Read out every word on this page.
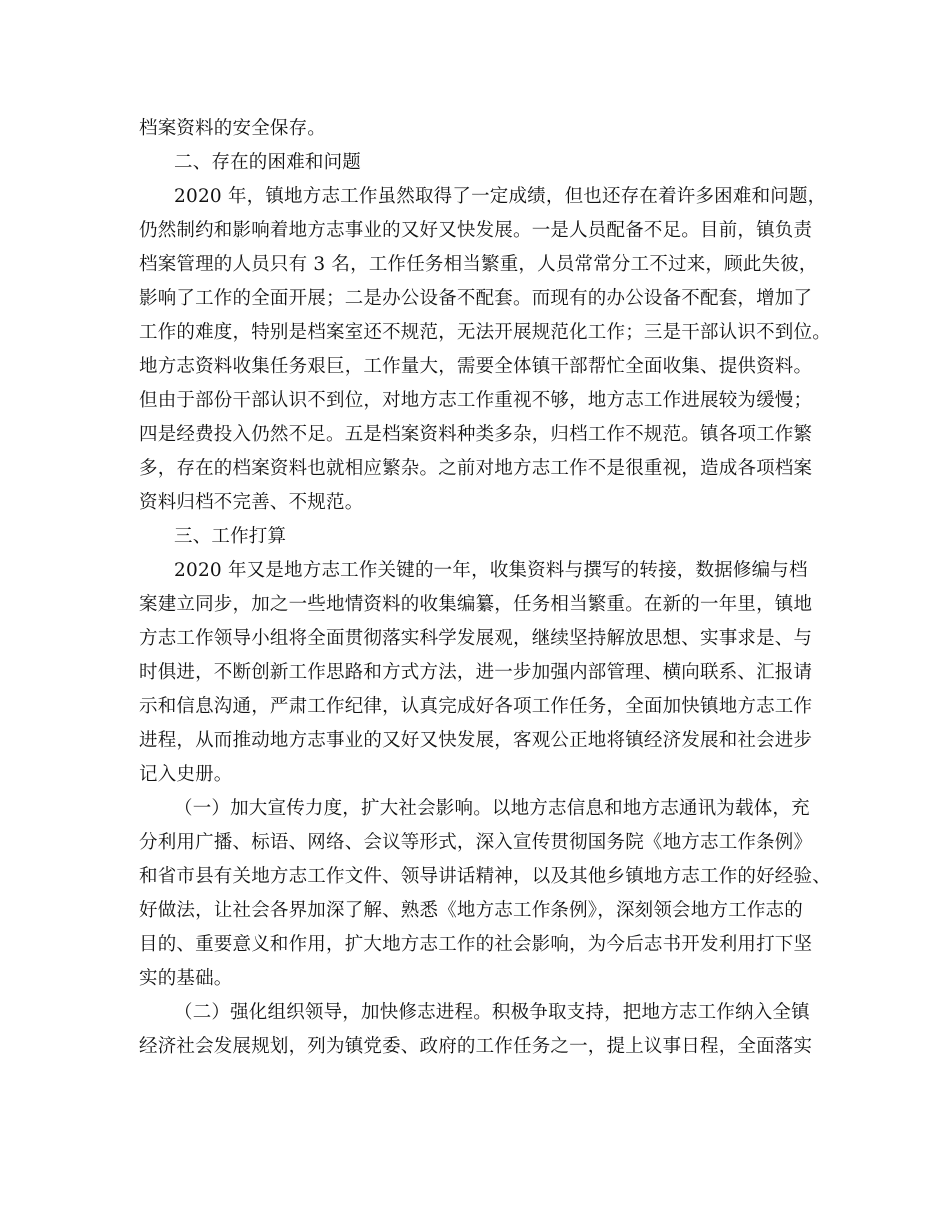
档案资料的安全保存。
二、存在的困难和问题
2020 年，镇地方志工作虽然取得了一定成绩，但也还存在着许多困难和问题，
仍然制约和影响着地方志事业的又好又快发展。一是人员配备不足。目前，镇负责
档案管理的人员只有 3 名，工作任务相当繁重，人员常常分工不过来，顾此失彼，
影响了工作的全面开展；二是办公设备不配套。而现有的办公设备不配套，增加了
工作的难度，特别是档案室还不规范，无法开展规范化工作；三是干部认识不到位。
地方志资料收集任务艰巨，工作量大，需要全体镇干部帮忙全面收集、提供资料。
但由于部份干部认识不到位，对地方志工作重视不够，地方志工作进展较为缓慢；
四是经费投入仍然不足。五是档案资料种类多杂，归档工作不规范。镇各项工作繁
多，存在的档案资料也就相应繁杂。之前对地方志工作不是很重视，造成各项档案
资料归档不完善、不规范。
三、工作打算
2020 年又是地方志工作关键的一年，收集资料与撰写的转接，数据修编与档
案建立同步，加之一些地情资料的收集编纂，任务相当繁重。在新的一年里，镇地
方志工作领导小组将全面贯彻落实科学发展观，继续坚持解放思想、实事求是、与
时俱进，不断创新工作思路和方式方法，进一步加强内部管理、横向联系、汇报请
示和信息沟通，严肃工作纪律，认真完成好各项工作任务，全面加快镇地方志工作
进程，从而推动地方志事业的又好又快发展，客观公正地将镇经济发展和社会进步
记入史册。
（一）加大宣传力度，扩大社会影响。以地方志信息和地方志通讯为载体，充
分利用广播、标语、网络、会议等形式，深入宣传贯彻国务院《地方志工作条例》
和省市县有关地方志工作文件、领导讲话精神，以及其他乡镇地方志工作的好经验、
好做法，让社会各界加深了解、熟悉《地方志工作条例》，深刻领会地方工作志的
目的、重要意义和作用，扩大地方志工作的社会影响，为今后志书开发利用打下坚
实的基础。
（二）强化组织领导，加快修志进程。积极争取支持，把地方志工作纳入全镇
经济社会发展规划，列为镇党委、政府的工作任务之一，提上议事日程，全面落实
